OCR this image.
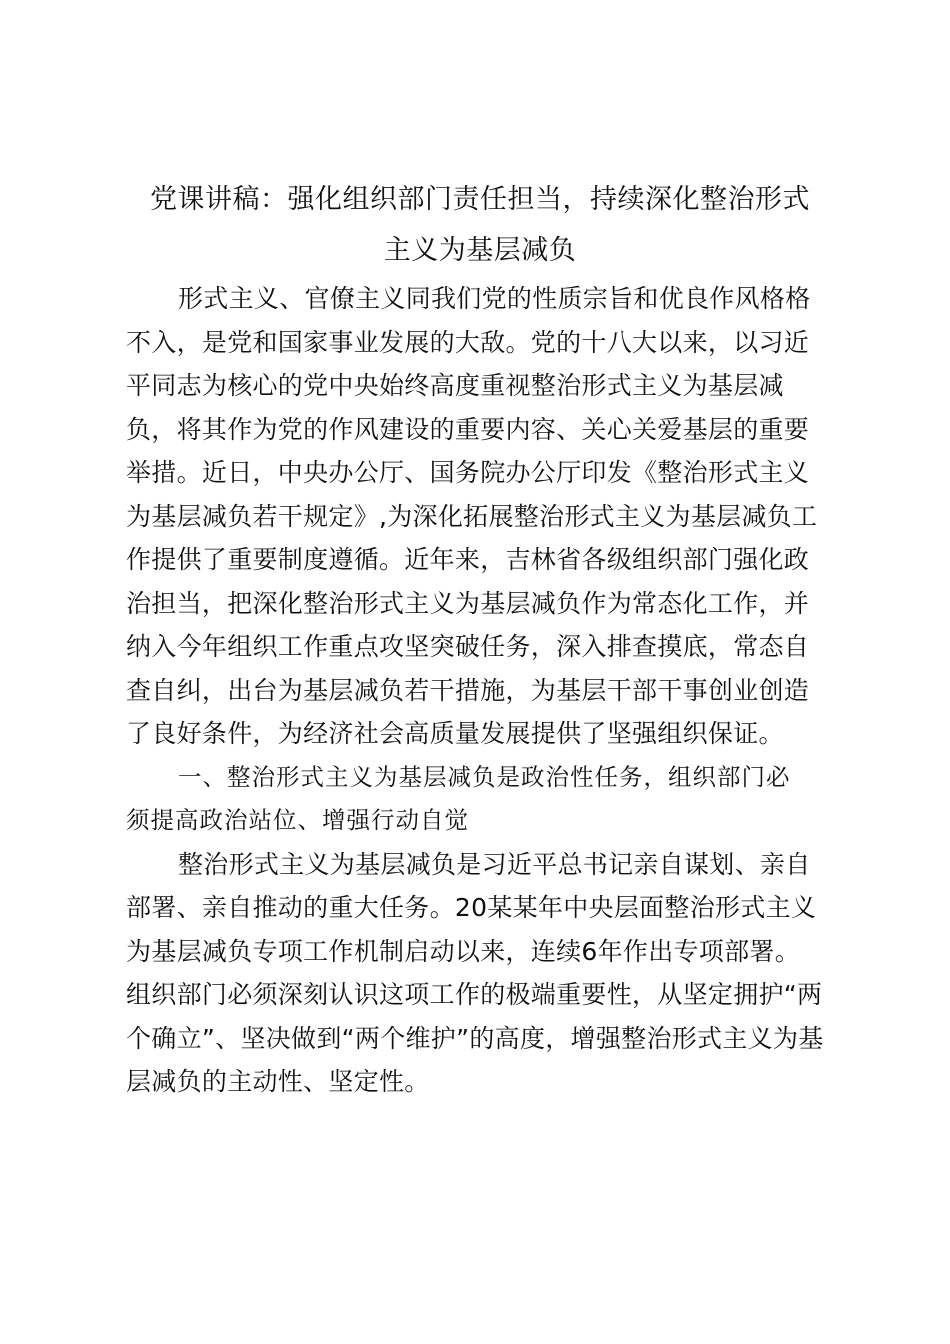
党课讲稿：强化组织部门责任担当，持续深化整治形式
主义为基层减负
形式主义、官僚主义同我们党的性质宗旨和优良作风格格
不入，是党和国家事业发展的大敌。党的十八大以来，以习近
平同志为核心的党中央始终高度重视整治形式主义为基层减
负，将其作为党的作风建设的重要内容、关心关爱基层的重要
举措。近日，中央办公厅、国务院办公厅印发《整治形式主义
为基层减负若干规定》,为深化拓展整治形式主义为基层减负工
作提供了重要制度遵循。近年来，吉林省各级组织部门强化政
治担当，把深化整治形式主义为基层减负作为常态化工作，并
纳入今年组织工作重点攻坚突破任务，深入排查摸底，常态自
查自纠，出台为基层减负若干措施，为基层干部干事创业创造
了良好条件，为经济社会高质量发展提供了坚强组织保证。
一、整治形式主义为基层减负是政治性任务，组织部门必
须提高政治站位、增强行动自觉
整治形式主义为基层减负是习近平总书记亲自谋划、亲自
部署、亲自推动的重大任务。20某某年中央层面整治形式主义
为基层减负专项工作机制启动以来，连续6年作出专项部署。
组织部门必须深刻认识这项工作的极端重要性，从坚定拥护“两
个确立”、坚决做到“两个维护”的高度，增强整治形式主义为基
层减负的主动性、坚定性。
